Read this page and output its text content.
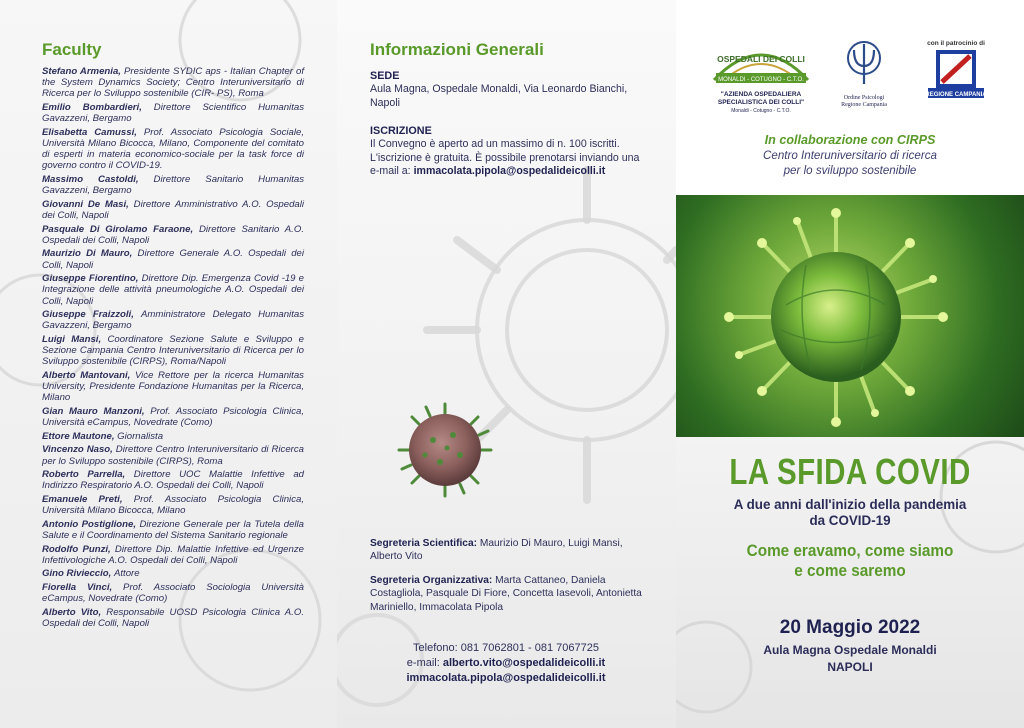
Faculty
Stefano Armenia, Presidente SYDIC aps - Italian Chapter of the System Dynamics Society; Centro Interuniversitario di Ricerca per lo Sviluppo sostenibile (CIR- PS), Roma
Emilio Bombardieri, Direttore Scientifico Humanitas Gavazzeni, Bergamo
Elisabetta Camussi, Prof. Associato Psicologia Sociale, Università Milano Bicocca, Milano, Componente del comitato di esperti in materia economico-sociale per la task force di governo contro il COVID-19.
Massimo Castoldi, Direttore Sanitario Humanitas Gavazzeni, Bergamo
Giovanni De Masi, Direttore Amministrativo A.O. Ospedali dei Colli, Napoli
Pasquale Di Girolamo Faraone, Direttore Sanitario A.O. Ospedali dei Colli, Napoli
Maurizio Di Mauro, Direttore Generale A.O. Ospedali dei Colli, Napoli
Giuseppe Fiorentino, Direttore Dip. Emergenza Covid -19 e Integrazione delle attività pneumologiche A.O. Ospedali dei Colli, Napoli
Giuseppe Fraizzoli, Amministratore Delegato Humanitas Gavazzeni, Bergamo
Luigi Mansi, Coordinatore Sezione Salute e Sviluppo e Sezione Campania Centro Interuniversitario di Ricerca per lo Sviluppo sostenibile (CIRPS), Roma/Napoli
Alberto Mantovani, Vice Rettore per la ricerca Humanitas University, Presidente Fondazione Humanitas per la Ricerca, Milano
Gian Mauro Manzoni, Prof. Associato Psicologia Clinica, Università eCampus, Novedrate (Como)
Ettore Mautone, Giornalista
Vincenzo Naso, Direttore Centro Interuniversitario di Ricerca per lo Sviluppo sostenibile (CIRPS), Roma
Roberto Parrella, Direttore UOC Malattie Infettive ad Indirizzo Respiratorio A.O. Ospedali dei Colli, Napoli
Emanuele Preti, Prof. Associato Psicologia Clinica, Università Milano Bicocca, Milano
Antonio Postiglione, Direzione Generale per la Tutela della Salute e il Coordinamento del Sistema Sanitario regionale
Rodolfo Punzi, Direttore Dip. Malattie Infettive ed Urgenze Infettivologiche A.O. Ospedali dei Colli, Napoli
Gino Rivieccio, Attore
Fiorella Vinci, Prof. Associato Sociologia Università eCampus, Novedrate (Como)
Alberto Vito, Responsabile UOSD Psicologia Clinica A.O. Ospedali dei Colli, Napoli
Informazioni Generali
SEDE
Aula Magna, Ospedale Monaldi, Via Leonardo Bianchi, Napoli
ISCRIZIONE
Il Convegno è aperto ad un massimo di n. 100 iscritti. L'iscrizione è gratuita. È possibile prenotarsi inviando una e-mail a: immacolata.pipola@ospedalideicolli.it
Segreteria Scientifica: Maurizio Di Mauro, Luigi Mansi, Alberto Vito
Segreteria Organizzativa: Marta Cattaneo, Daniela Costagliola, Pasquale Di Fiore, Concetta Iasevoli, Antonietta Mariniello, Immacolata Pipola
Telefono: 081 7062801 - 081 7067725
e-mail: alberto.vito@ospedalideicolli.it
immacolata.pipola@ospedalideicolli.it
OSPEDALI DEI COLLI
MONALDI - COTUGNO - C.T.O.
"AZIENDA OSPEDALIERA
SPECIALISTICA DEI COLLI"
Monaldi - Cotugno - C.T.O.
Ordine Psicologi
Regione Campania
con il patrocinio di
REGIONE CAMPANIA
In collaborazione con CIRPS
Centro Interuniversitario di ricerca
per lo sviluppo sostenibile
LA SFIDA COVID
A due anni dall'inizio della pandemia
da COVID-19
Come eravamo, come siamo
e come saremo
20 Maggio 2022
Aula Magna Ospedale Monaldi
NAPOLI
